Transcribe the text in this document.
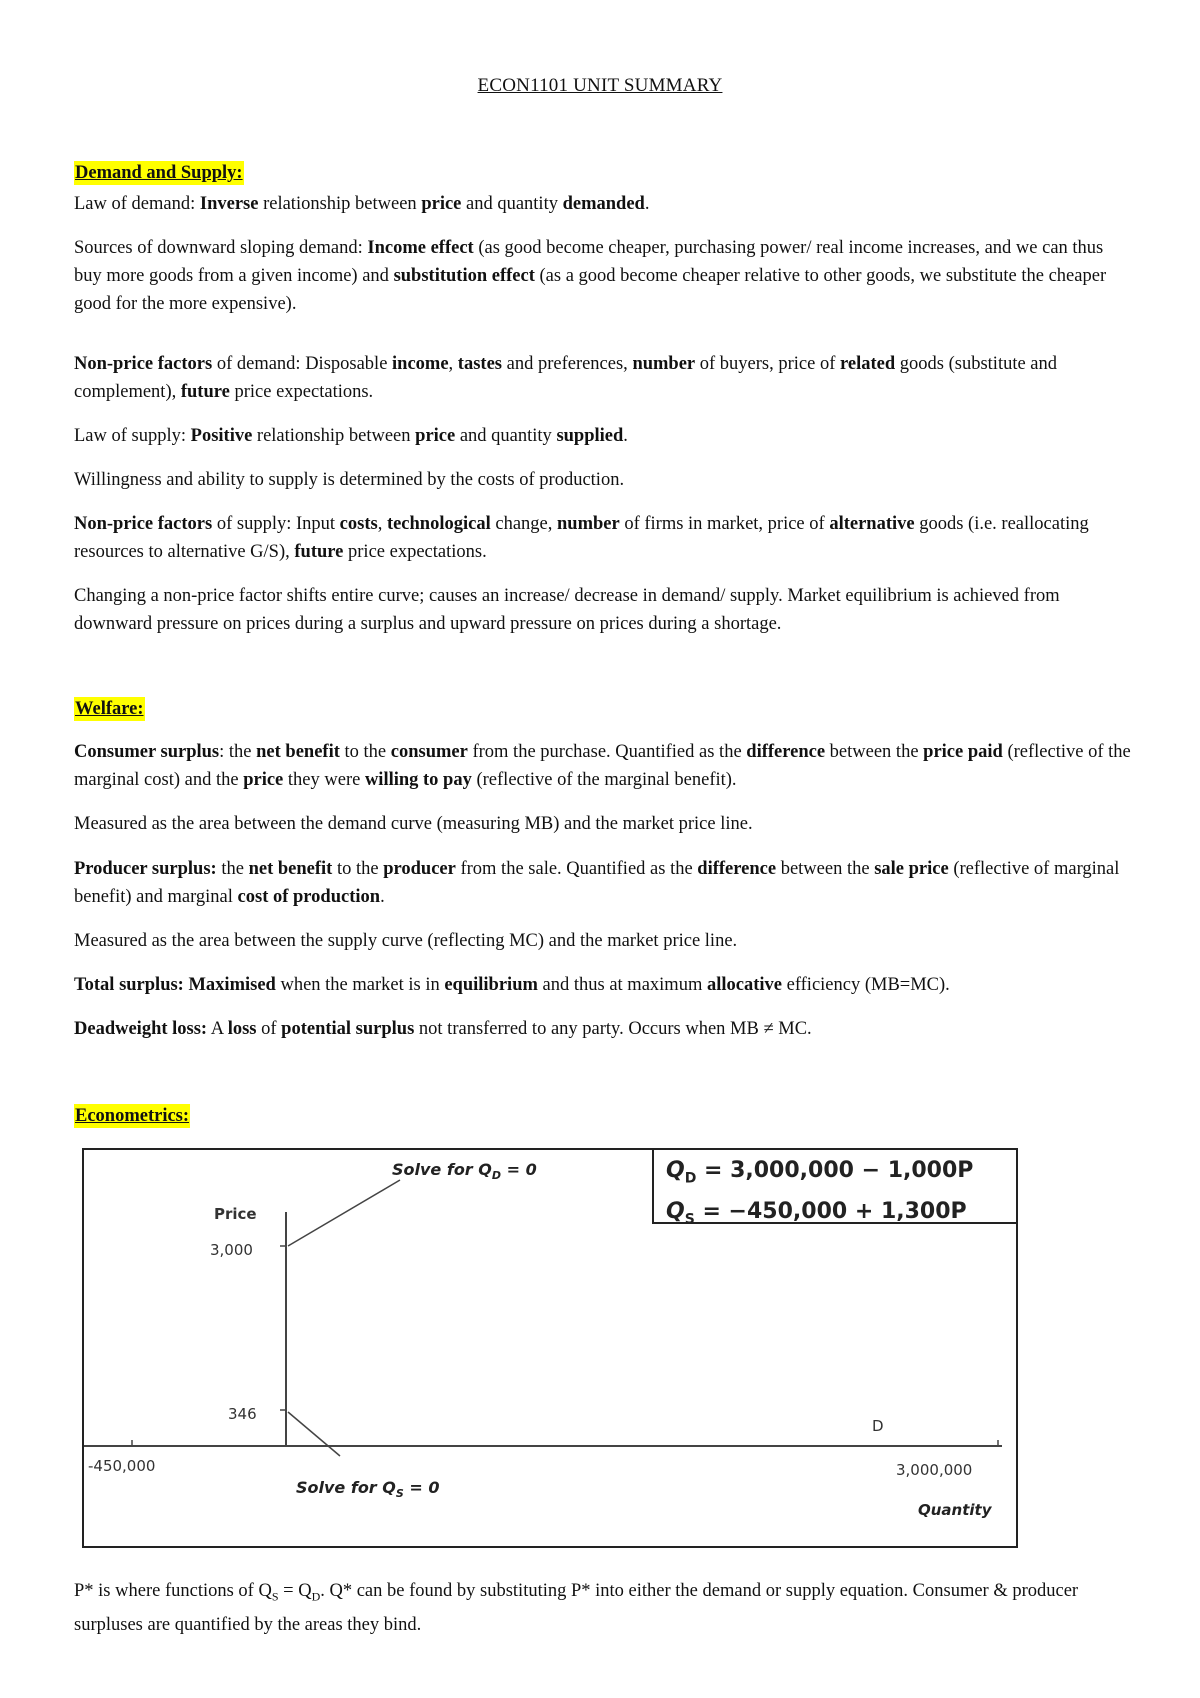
ECON1101 UNIT SUMMARY
Demand and Supply:

Law of demand: Inverse relationship between price and quantity demanded.

Sources of downward sloping demand: Income effect (as good become cheaper, purchasing power/ real income increases, and we can thus buy more goods from a given income) and substitution effect (as a good become cheaper relative to other goods, we substitute the cheaper good for the more expensive).

Non-price factors of demand: Disposable income, tastes and preferences, number of buyers, price of related goods (substitute and complement), future price expectations.

Law of supply: Positive relationship between price and quantity supplied.

Willingness and ability to supply is determined by the costs of production.

Non-price factors of supply: Input costs, technological change, number of firms in market, price of alternative goods (i.e. reallocating resources to alternative G/S), future price expectations.

Changing a non-price factor shifts entire curve; causes an increase/ decrease in demand/ supply. Market equilibrium is achieved from downward pressure on prices during a surplus and upward pressure on prices during a shortage.

Welfare:

Consumer surplus: the net benefit to the consumer from the purchase. Quantified as the difference between the price paid (reflective of the marginal cost) and the price they were willing to pay (reflective of the marginal benefit).

Measured as the area between the demand curve (measuring MB) and the market price line.

Producer surplus: the net benefit to the producer from the sale. Quantified as the difference between the sale price (reflective of marginal benefit) and marginal cost of production.

Measured as the area between the supply curve (reflecting MC) and the market price line.

Total surplus: Maximised when the market is in equilibrium and thus at maximum allocative efficiency (MB=MC).

Deadweight loss: A loss of potential surplus not transferred to any party. Occurs when MB ≠ MC.

Econometrics:
$Q_D = 3,000,000 - 1,000P$
$Q_S = -450,000 + 1,300P$
Solve for $Q_D = 0$
Price
3,000
346
-450,000
D
3,000,000
Solve for $Q_S = 0$
Quantity

P* is where functions of $Q_S = Q_D$. Q* can be found by substituting P* into either the demand or supply equation. Consumer & producer surpluses are quantified by the areas they bind.
